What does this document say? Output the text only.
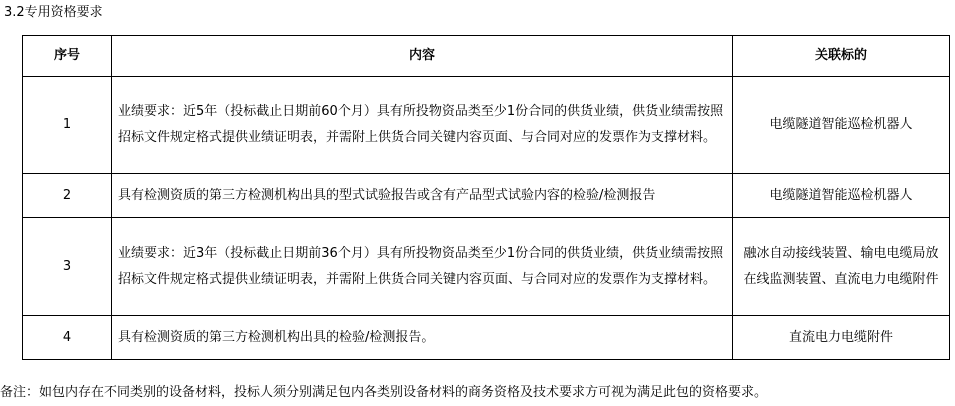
3.2专用资格要求
序号	内容	关联标的
1	业绩要求：近5年（投标截止日期前60个月）具有所投物资品类至少1份合同的供货业绩，供货业绩需按照招标文件规定格式提供业绩证明表，并需附上供货合同关键内容页面、与合同对应的发票作为支撑材料。	电缆隧道智能巡检机器人
2	具有检测资质的第三方检测机构出具的型式试验报告或含有产品型式试验内容的检验/检测报告	电缆隧道智能巡检机器人
3	业绩要求：近3年（投标截止日期前36个月）具有所投物资品类至少1份合同的供货业绩，供货业绩需按照招标文件规定格式提供业绩证明表，并需附上供货合同关键内容页面、与合同对应的发票作为支撑材料。	融冰自动接线装置、输电电缆局放在线监测装置、直流电力电缆附件
4	具有检测资质的第三方检测机构出具的检验/检测报告。	直流电力电缆附件
备注：如包内存在不同类别的设备材料，投标人须分别满足包内各类别设备材料的商务资格及技术要求方可视为满足此包的资格要求。
